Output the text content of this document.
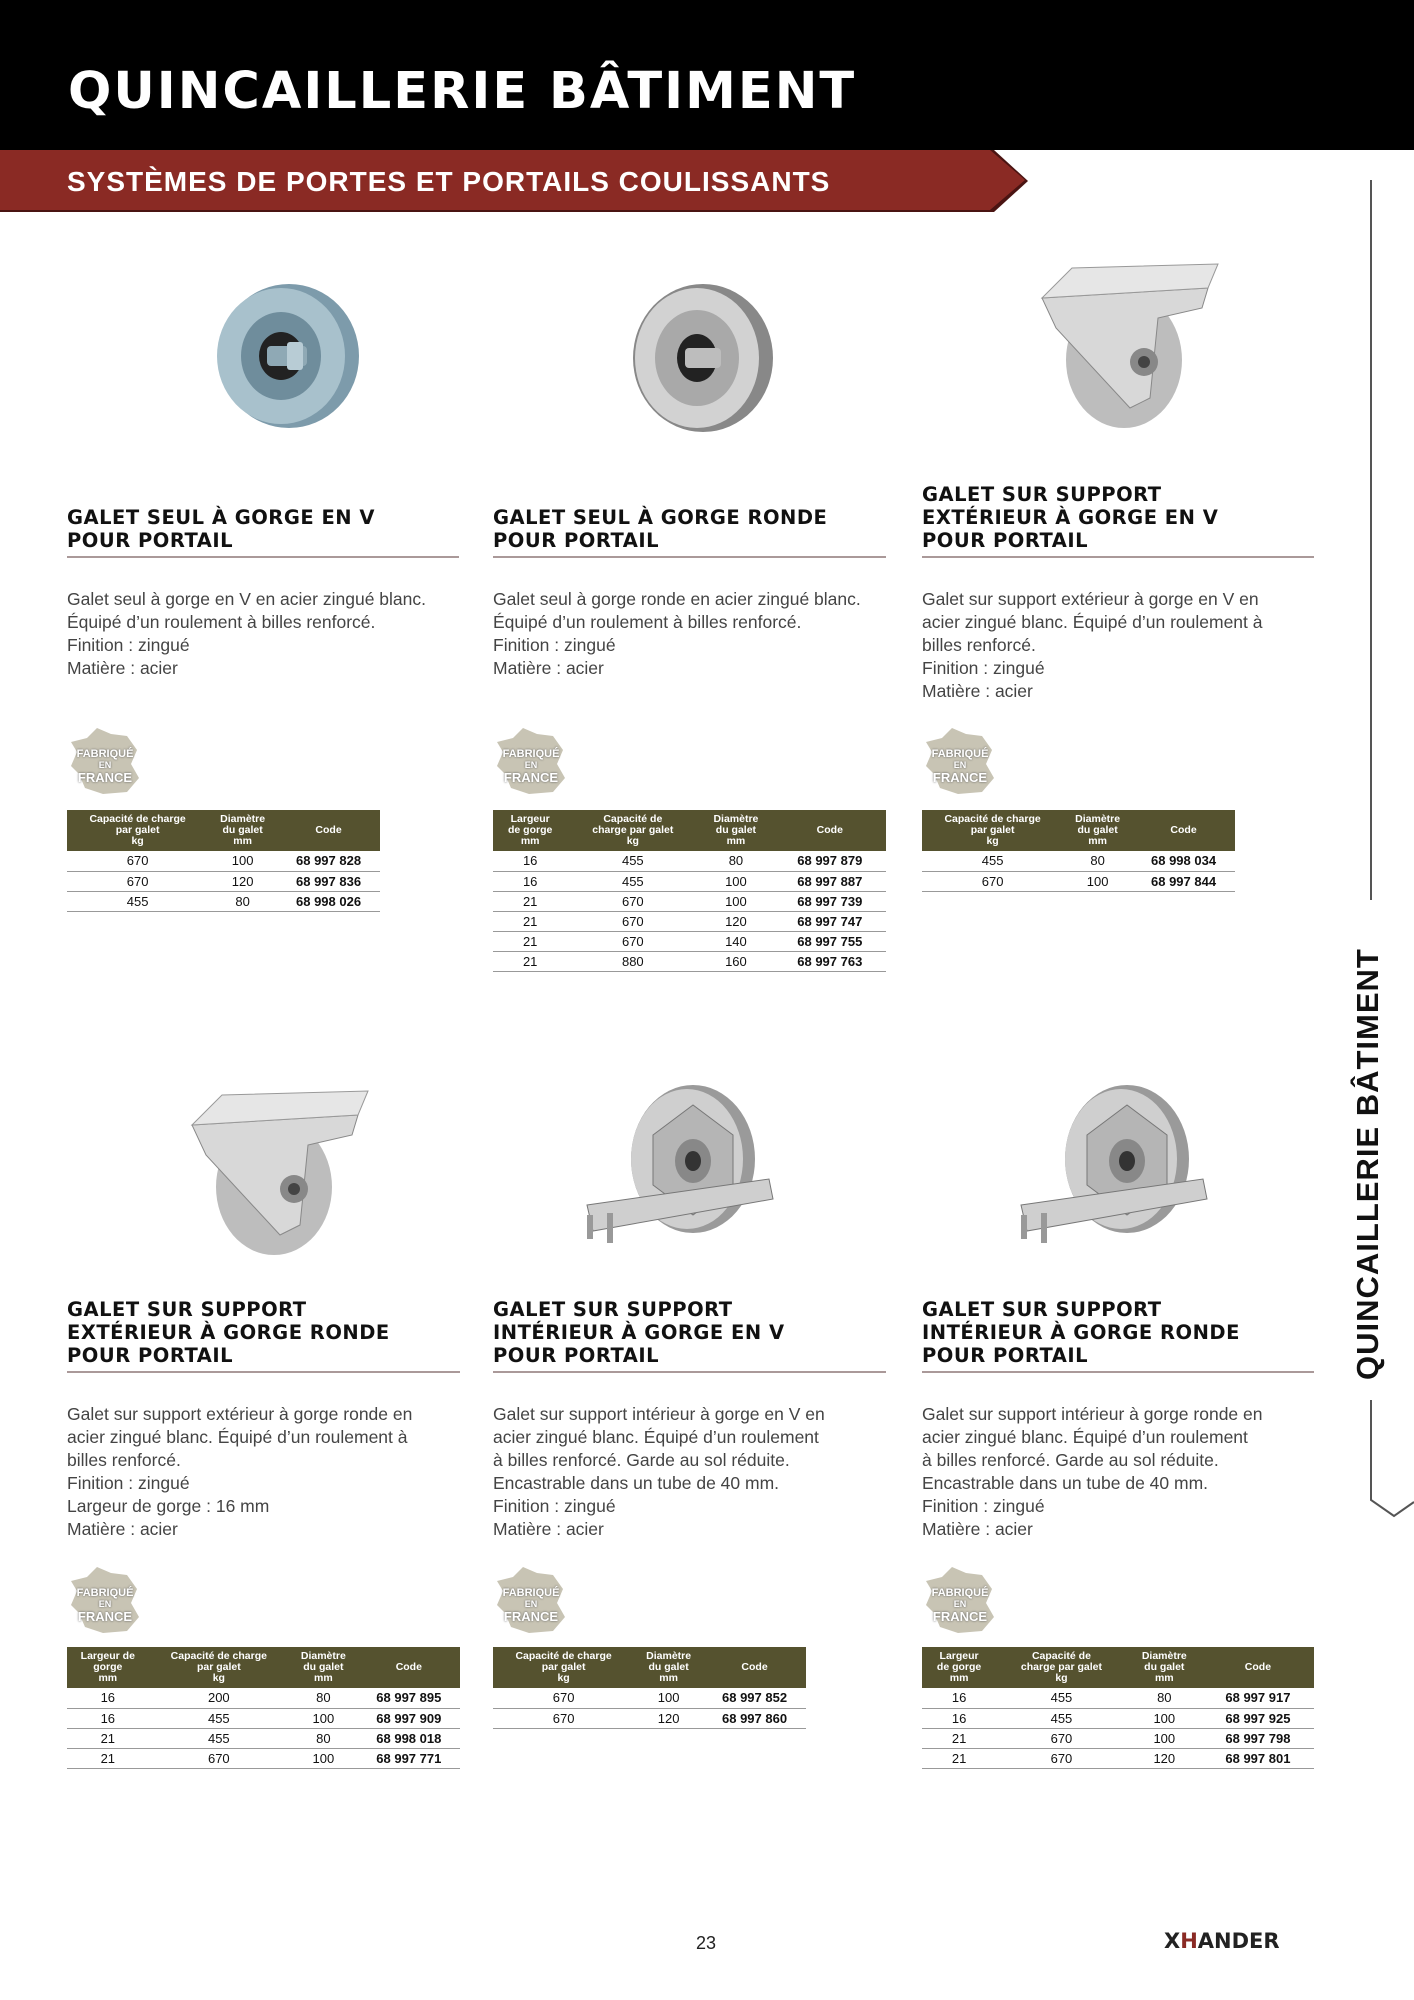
QUINCAILLERIE BÂTIMENT
SYSTÈMES DE PORTES ET PORTAILS COULISSANTS
QUINCAILLERIE BÂTIMENT
GALET SEUL À GORGE EN V
POUR PORTAIL
Galet seul à gorge en V en acier zingué blanc.
Équipé d’un roulement à billes renforcé.
Finition : zingué
Matière : acier
FABRIQUÉ
EN
FRANCE
Capacité de charge
par galet
kg	Diamètre
du galet
mm	Code
670	100	68 997 828
670	120	68 997 836
455	80	68 998 026
GALET SEUL À GORGE RONDE
POUR PORTAIL
Galet seul à gorge ronde en acier zingué blanc.
Équipé d’un roulement à billes renforcé.
Finition : zingué
Matière : acier
FABRIQUÉ
EN
FRANCE
Largeur
de gorge
mm	Capacité de
charge par galet
kg	Diamètre
du galet
mm	Code
16	455	80	68 997 879
16	455	100	68 997 887
21	670	100	68 997 739
21	670	120	68 997 747
21	670	140	68 997 755
21	880	160	68 997 763
GALET SUR SUPPORT
EXTÉRIEUR À GORGE EN V
POUR PORTAIL
Galet sur support extérieur à gorge en V en
acier zingué blanc. Équipé d’un roulement à
billes renforcé.
Finition : zingué
Matière : acier
FABRIQUÉ
EN
FRANCE
Capacité de charge
par galet
kg	Diamètre
du galet
mm	Code
455	80	68 998 034
670	100	68 997 844
GALET SUR SUPPORT
EXTÉRIEUR À GORGE RONDE
POUR PORTAIL
Galet sur support extérieur à gorge ronde en
acier zingué blanc. Équipé d’un roulement à
billes renforcé.
Finition : zingué
Largeur de gorge : 16 mm
Matière : acier
FABRIQUÉ
EN
FRANCE
Largeur de
gorge
mm	Capacité de charge
par galet
kg	Diamètre
du galet
mm	Code
16	200	80	68 997 895
16	455	100	68 997 909
21	455	80	68 998 018
21	670	100	68 997 771
GALET SUR SUPPORT
INTÉRIEUR À GORGE EN V
POUR PORTAIL
Galet sur support intérieur à gorge en V en
acier zingué blanc. Équipé d’un roulement
à billes renforcé. Garde au sol réduite.
Encastrable dans un tube de 40 mm.
Finition : zingué
Matière : acier
FABRIQUÉ
EN
FRANCE
Capacité de charge
par galet
kg	Diamètre
du galet
mm	Code
670	100	68 997 852
670	120	68 997 860
GALET SUR SUPPORT
INTÉRIEUR À GORGE RONDE
POUR PORTAIL
Galet sur support intérieur à gorge ronde en
acier zingué blanc. Équipé d’un roulement
à billes renforcé. Garde au sol réduite.
Encastrable dans un tube de 40 mm.
Finition : zingué
Matière : acier
FABRIQUÉ
EN
FRANCE
Largeur
de gorge
mm	Capacité de
charge par galet
kg	Diamètre
du galet
mm	Code
16	455	80	68 997 917
16	455	100	68 997 925
21	670	100	68 997 798
21	670	120	68 997 801
23	XHANDER
